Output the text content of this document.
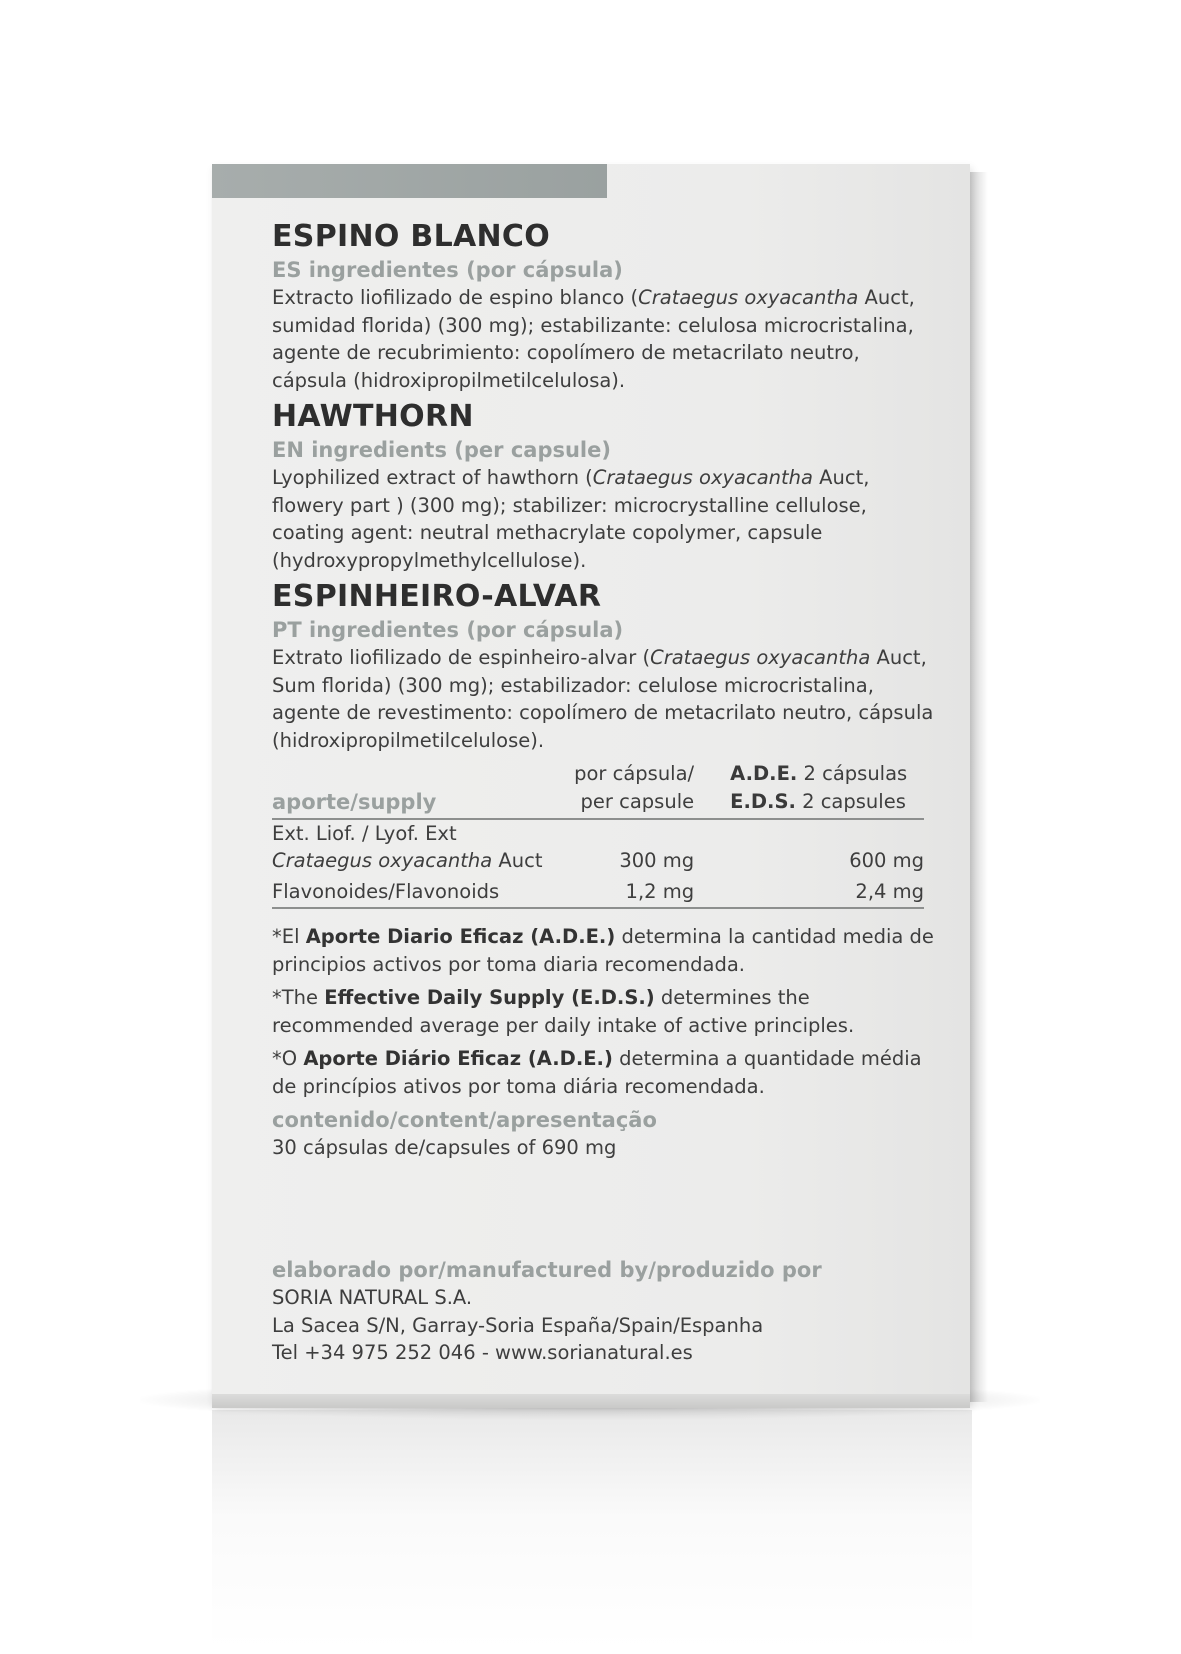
ESPINO BLANCO

ES ingredientes (por cápsula)

Extracto liofilizado de espino blanco (Crataegus oxyacantha Auct, sumidad florida) (300 mg); estabilizante: celulosa microcristalina, agente de recubrimiento: copolímero de metacrilato neutro, cápsula (hidroxipropilmetilcelulosa).

HAWTHORN

EN ingredients (per capsule)

Lyophilized extract of hawthorn (Crataegus oxyacantha Auct, flowery part ) (300 mg); stabilizer: microcrystalline cellulose, coating agent: neutral methacrylate copolymer, capsule (hydroxypropylmethylcellulose).

ESPINHEIRO-ALVAR

PT ingredientes (por cápsula)

Extrato liofilizado de espinheiro-alvar (Crataegus oxyacantha Auct, Sum florida) (300 mg); estabilizador: celulose microcristalina, agente de revestimento: copolímero de metacrilato neutro, cápsula (hidroxipropilmetilcelulose).

	por cápsula/	A.D.E. 2 cápsulas
aporte/supply	per capsule	E.D.S. 2 capsules

Ext. Liof. / Lyof. Ext		
Crataegus oxyacantha Auct	300 mg	600 mg
Flavonoides/Flavonoids	1,2 mg	2,4 mg

*El Aporte Diario Eficaz (A.D.E.) determina la cantidad media de principios activos por toma diaria recomendada.

*The Effective Daily Supply (E.D.S.) determines the recommended average per daily intake of active principles.

*O Aporte Diário Eficaz (A.D.E.) determina a quantidade média de princípios ativos por toma diária recomendada.

contenido/content/apresentação

30 cápsulas de/capsules of 690 mg

elaborado por/manufactured by/produzido por

SORIA NATURAL S.A.

La Sacea S/N, Garray-Soria España/Spain/Espanha

Tel +34 975 252 046 - www.sorianatural.es
